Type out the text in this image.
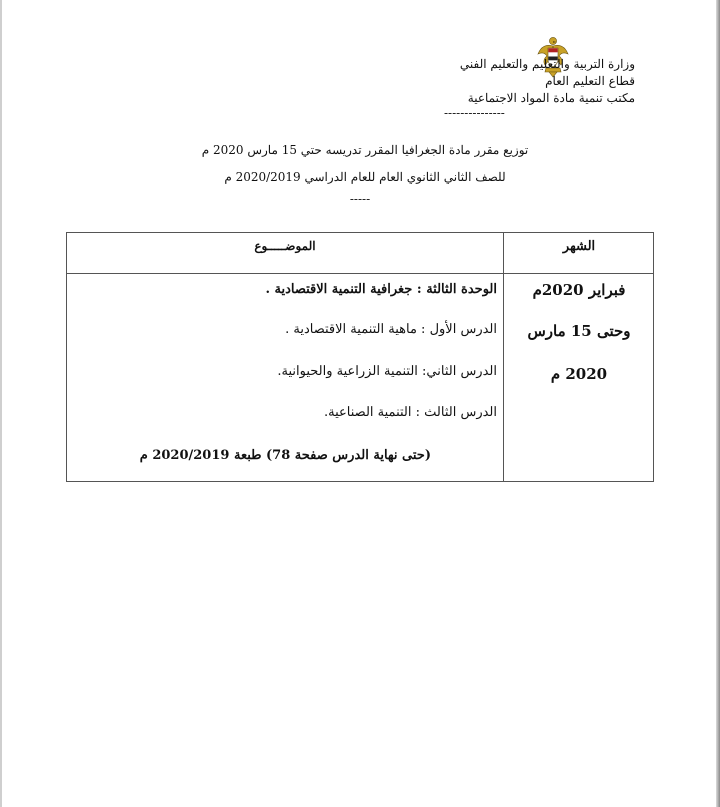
وزارة التربية والتعليم والتعليم الفني
قطاع التعليم العام
مكتب تنمية مادة المواد الاجتماعية
---------------
توزيع مقرر مادة الجغرافيا المقرر تدريسه حتي 15 مارس 2020 م
للصف الثاني الثانوي العام للعام الدراسي 2020/2019 م
-----
الشهر
الموضـــــوع
فبراير 2020م
وحتى 15 مارس
2020 م
الوحدة الثالثة : جغرافية التنمية الاقتصادية .
الدرس الأول : ماهية التنمية الاقتصادية .
الدرس الثاني: التنمية الزراعية والحيوانية.
الدرس الثالث : التنمية الصناعية.
(حتى نهاية الدرس صفحة 78) طبعة 2020/2019 م
